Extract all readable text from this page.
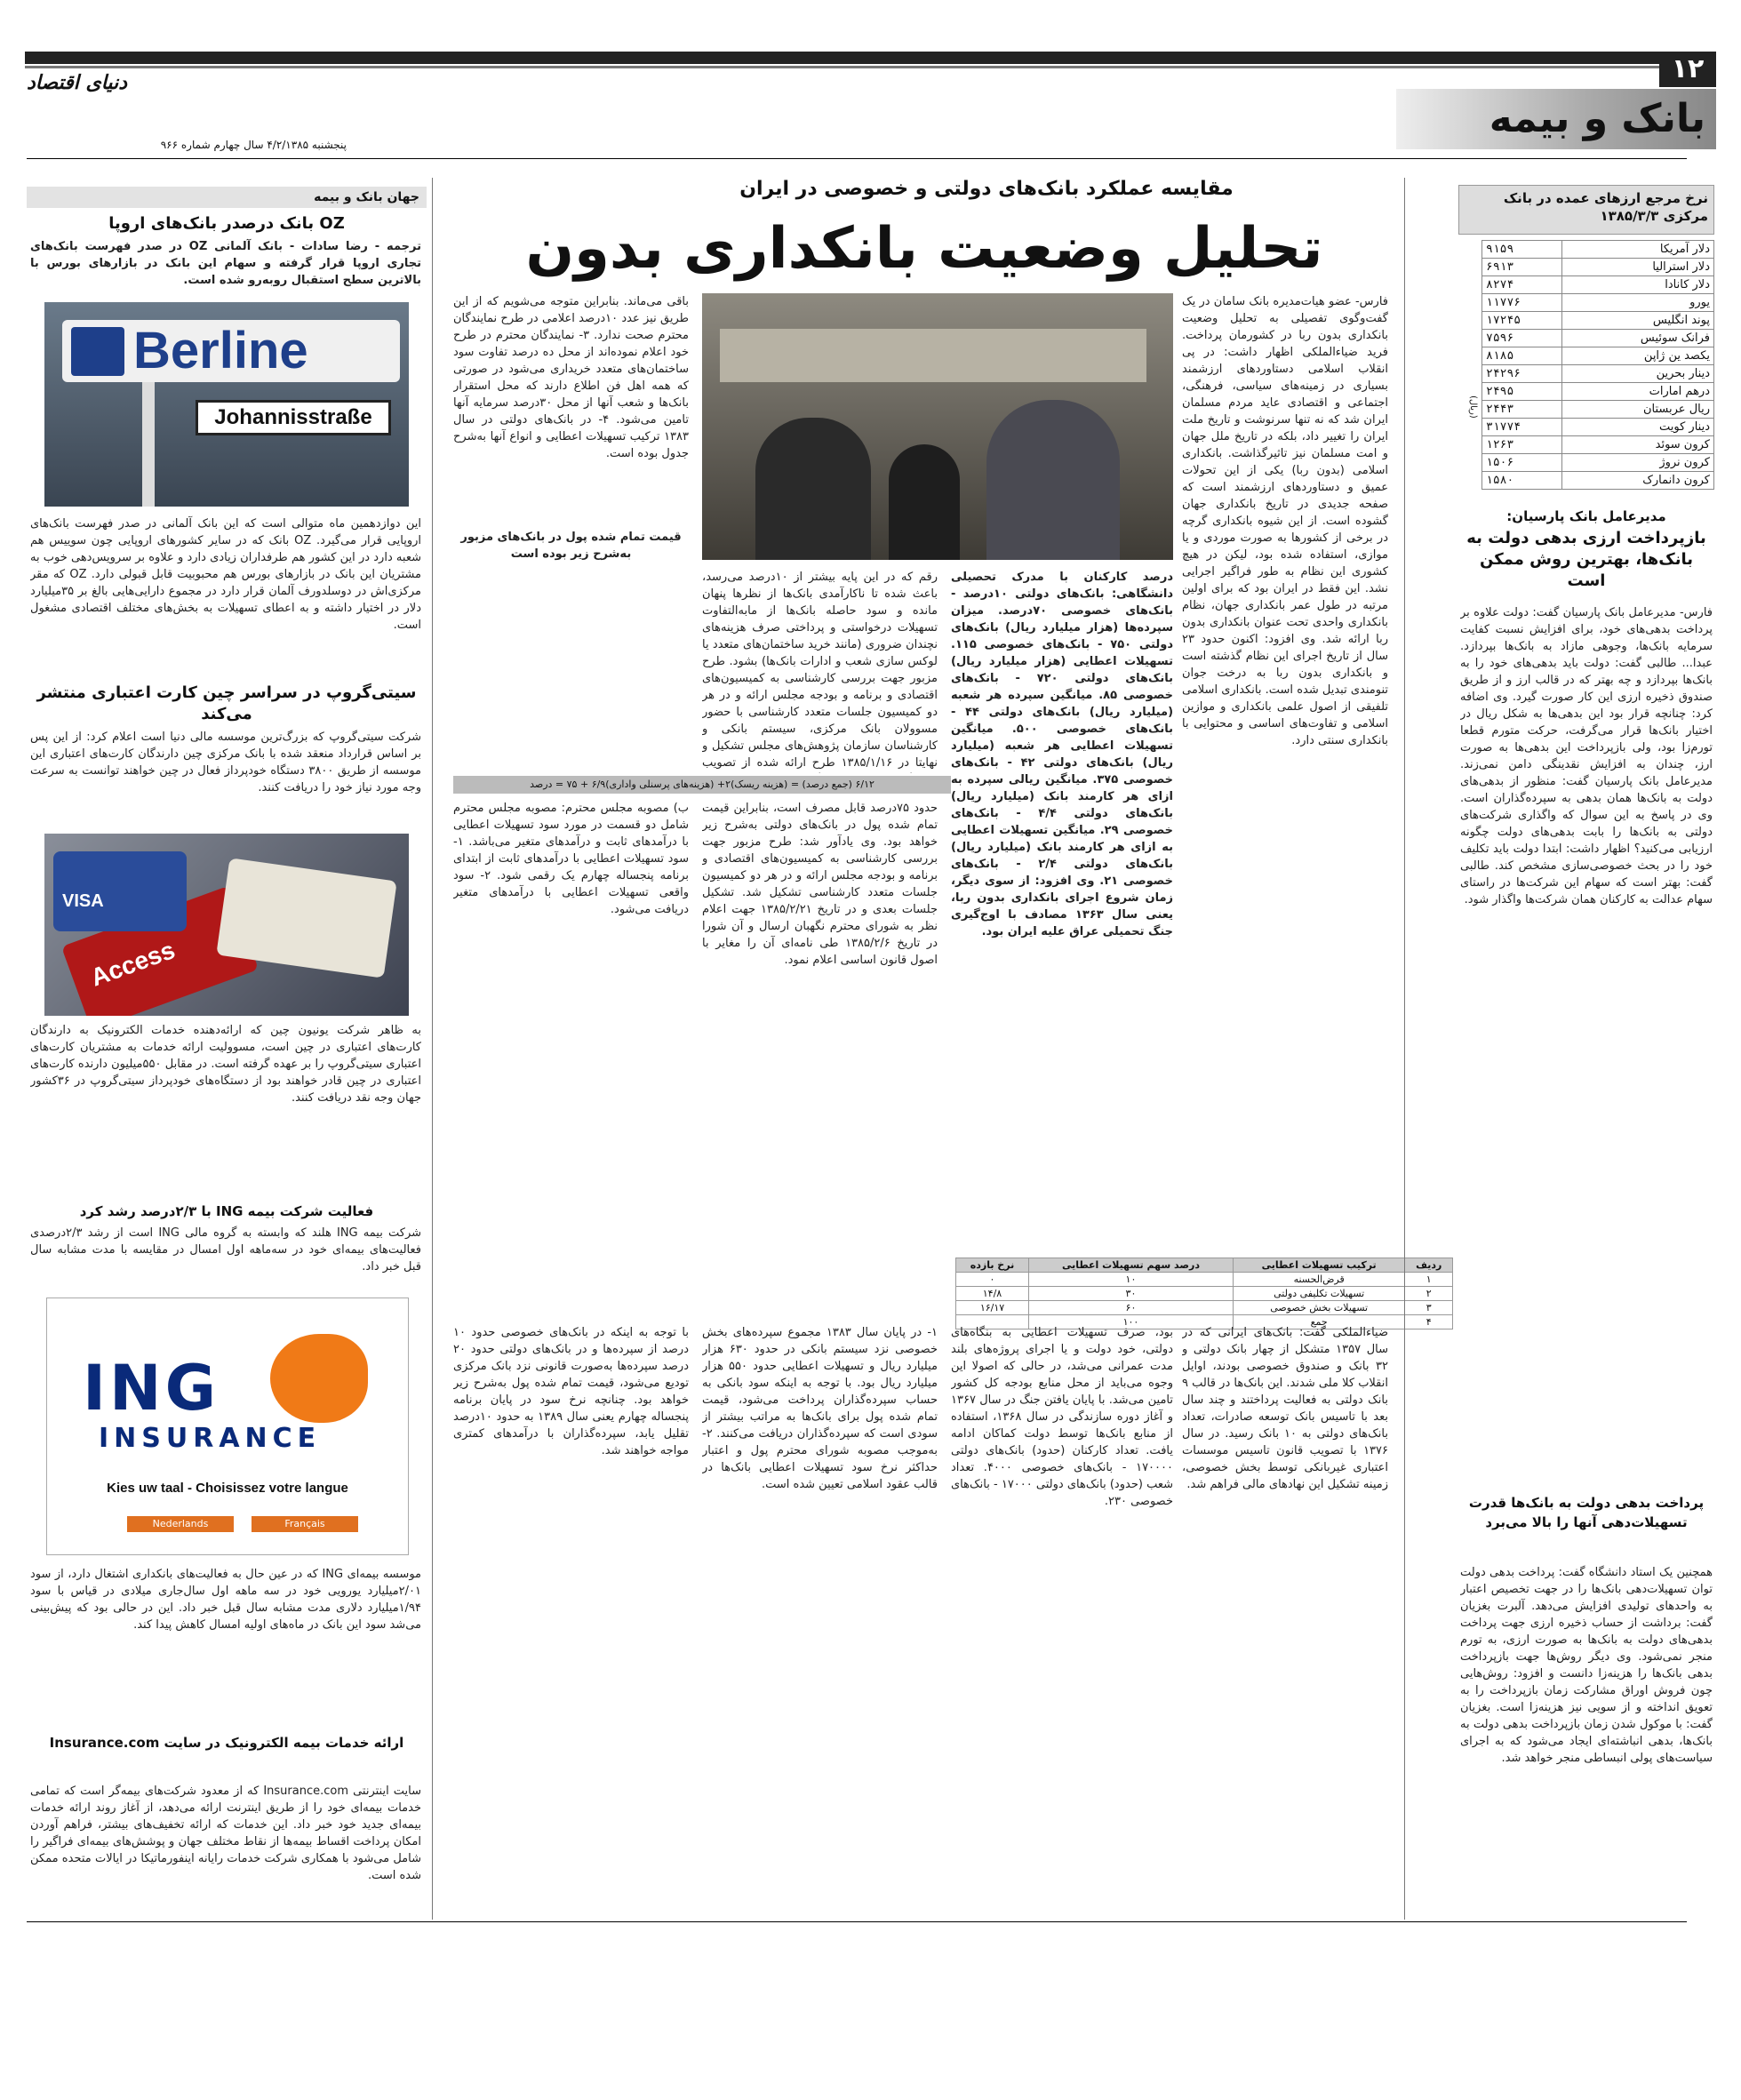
۱۲
دنیای اقتصاد
بانک و بیمه
پنجشنبه ۴/۲/۱۳۸۵ سال چهارم شماره ۹۶۶
جهان بانک و بیمه
OZ بانک درصدر بانک‌های اروپا
ترجمه - رضا سادات - بانک آلمانی OZ در صدر فهرست بانک‌های تجاری اروپا قرار گرفته و سهام این بانک در بازارهای بورس با بالاترین سطح استقبال روبه‌رو شده است.
Berline
Johannisstraße
این دوازدهمین ماه متوالی است که این بانک آلمانی در صدر فهرست بانک‌های اروپایی قرار می‌گیرد. OZ بانک که در سایر کشورهای اروپایی چون سوییس هم شعبه دارد در این کشور هم طرفداران زیادی دارد و علاوه بر سرویس‌دهی خوب به مشتریان این بانک در بازارهای بورس هم محبوبیت قابل قبولی دارد. OZ که مقر مرکزی‌اش در دوسلدورف آلمان قرار دارد در مجموع دارایی‌هایی بالغ بر ۳۵میلیارد دلار در اختیار داشته و به اعطای تسهیلات به بخش‌های مختلف اقتصادی مشغول است.
سیتی‌گروپ در سراسر چین کارت اعتباری منتشر می‌کند
شرکت سیتی‌گروپ که بزرگ‌ترین موسسه مالی دنیا است اعلام کرد: از این پس بر اساس قرارداد منعقد شده با بانک مرکزی چین دارندگان کارت‌های اعتباری این موسسه از طریق ۳۸۰۰ دستگاه خودپرداز فعال در چین خواهند توانست به سرعت وجه مورد نیاز خود را دریافت کنند.
Access
VISA
به ظاهر شرکت یونیون چین که ارائه‌دهنده خدمات الکترونیک به دارندگان کارت‌های اعتباری در چین است، مسوولیت ارائه خدمات به مشتریان کارت‌های اعتباری سیتی‌گروپ را بر عهده گرفته است. در مقابل ۵۵۰میلیون دارنده کارت‌های اعتباری در چین قادر خواهند بود از دستگاه‌های خودپرداز سیتی‌گروپ در ۳۶کشور جهان وجه نقد دریافت کنند.
فعالیت شرکت بیمه ING با ۲/۳درصد رشد کرد
شرکت بیمه ING هلند که وابسته به گروه مالی ING است از رشد ۲/۳درصدی فعالیت‌های بیمه‌ای خود در سه‌ماهه اول امسال در مقایسه با مدت مشابه سال قبل خبر داد.
ING
INSURANCE
Kies uw taal - Choisissez votre langue
Nederlands	Français
موسسه بیمه‌ای ING که در عین حال به فعالیت‌های بانکداری اشتغال دارد، از سود ۲/۰۱میلیارد یورویی خود در سه ماهه اول سال‌جاری میلادی در قیاس با سود ۱/۹۴میلیارد دلاری مدت مشابه سال قبل خبر داد. این در حالی بود که پیش‌بینی می‌شد سود این بانک در ماه‌های اولیه امسال کاهش پیدا کند.
ارائه خدمات بیمه الکترونیک در سایت Insurance.com
سایت اینترنتی Insurance.com که از معدود شرکت‌های بیمه‌گر است که تمامی خدمات بیمه‌ای خود را از طریق اینترنت ارائه می‌دهد، از آغاز روند ارائه خدمات بیمه‌ای جدید خود خبر داد. این خدمات که ارائه تخفیف‌های بیشتر، فراهم آوردن امکان پرداخت اقساط بیمه‌ها از نقاط مختلف جهان و پوشش‌های بیمه‌ای فراگیر را شامل می‌شود با همکاری شرکت خدمات رایانه اینفورماتیکا در ایالات متحده ممکن شده است.
مقایسه عملکرد بانک‌های دولتی و خصوصی در ایران
تحلیل وضعیت بانکداری بدون
فارس- عضو هیات‌مدیره بانک سامان در یک گفت‌وگوی تفصیلی به تحلیل وضعیت بانکداری بدون ربا در کشورمان پرداخت. فرید ضیاءالملکی اظهار داشت: در پی انقلاب اسلامی دستاوردهای ارزشمند بسیاری در زمینه‌های سیاسی، فرهنگی، اجتماعی و اقتصادی عاید مردم مسلمان ایران شد که نه تنها سرنوشت و تاریخ ملت ایران را تغییر داد، بلکه در تاریخ ملل جهان و امت مسلمان نیز تاثیرگذاشت. بانکداری اسلامی (بدون ربا) یکی از این تحولات عمیق و دستاوردهای ارزشمند است که صفحه جدیدی در تاریخ بانکداری جهان گشوده است. از این شیوه بانکداری گرچه در برخی از کشورها به صورت موردی و یا موازی، استفاده شده بود، لیکن در هیچ کشوری این نظام به طور فراگیر اجرایی نشد. این فقط در ایران بود که برای اولین مرتبه در طول عمر بانکداری جهان، نظام بانکداری واحدی تحت عنوان بانکداری بدون ربا ارائه شد. وی افزود: اکنون حدود ۲۳ سال از تاریخ اجرای این نظام گذشته است و بانکداری بدون ربا به درخت جوان تنومندی تبدیل شده است. بانکداری اسلامی تلفیقی از اصول علمی بانکداری و موازین اسلامی و تفاوت‌های اساسی و محتوایی با بانکداری سنتی دارد.
درصد کارکنان با مدرک تحصیلی دانشگاهی: بانک‌های دولتی ۱۰درصد - بانک‌های خصوصی ۷۰درصد. میزان سپرده‌ها (هزار میلیارد ریال) بانک‌های دولتی ۷۵۰ - بانک‌های خصوصی ۱۱۵. تسهیلات اعطایی (هزار میلیارد ریال) بانک‌های دولتی ۷۲۰ - بانک‌های خصوصی ۸۵. میانگین سپرده هر شعبه (میلیارد ریال) بانک‌های دولتی ۴۴ - بانک‌های خصوصی ۵۰۰. میانگین تسهیلات اعطایی هر شعبه (میلیارد ریال) بانک‌های دولتی ۴۲ - بانک‌های خصوصی ۳۷۵. میانگین ریالی سپرده به ازای هر کارمند بانک (میلیارد ریال) بانک‌های دولتی ۴/۴ - بانک‌های خصوصی ۲۹. میانگین تسهیلات اعطایی به ازای هر کارمند بانک (میلیارد ریال) بانک‌های دولتی ۲/۴ - بانک‌های خصوصی ۲۱. وی افزود: از سوی دیگر، زمان شروع اجرای بانکداری بدون ربا، یعنی سال ۱۳۶۳ مصادف با اوج‌گیری جنگ تحمیلی عراق علیه ایران بود.
رقم که در این پایه بیشتر از ۱۰درصد می‌رسد، باعث شده تا ناکارآمدی بانک‌ها از نظرها پنهان مانده و سود حاصله بانک‌ها از مابه‌التفاوت تسهیلات درخواستی و پرداختی صرف هزینه‌های نچندان ضروری (مانند خرید ساختمان‌های متعدد یا لوکس سازی شعب و ادارات بانک‌ها) بشود. طرح مزبور جهت بررسی کارشناسی به کمیسیون‌های اقتصادی و برنامه و بودجه مجلس ارائه و در هر دو کمیسیون جلسات متعدد کارشناسی با حضور مسوولان بانک مرکزی، سیستم بانکی و کارشناسان سازمان پژوهش‌های مجلس تشکیل و نهایتا در ۱۳۸۵/۱/۱۶ طرح ارائه شده از تصویب
باقی می‌ماند. بنابراین متوجه می‌شویم که از این طریق نیز عدد ۱۰درصد اعلامی در طرح نمایندگان محترم صحت ندارد. ۳- نمایندگان محترم در طرح خود اعلام نموده‌اند از محل ده درصد تفاوت سود ساختمان‌های متعدد خریداری می‌شود در صورتی که همه اهل فن اطلاع دارند که محل استقرار بانک‌ها و شعب آنها از محل ۳۰درصد سرمایه آنها تامین می‌شود. ۴- در بانک‌های دولتی در سال ۱۳۸۳ ترکیب تسهیلات اعطایی و انواع آنها به‌شرح جدول بوده است.
قیمت تمام شده پول در بانک‌های مزبور به‌شرح زیر بوده است
۶/۱۲ (جمع درصد) = (هزینه ریسک)۲+ (هزینه‌های پرسنلی واداری)۶/۹ + ۷۵ = درصد
حدود ۷۵درصد قابل مصرف است، بنابراین قیمت تمام شده پول در بانک‌های دولتی به‌شرح زیر خواهد بود. وی یادآور شد: طرح مزبور جهت بررسی کارشناسی به کمیسیون‌های اقتصادی و برنامه و بودجه مجلس ارائه و در هر دو کمیسیون جلسات متعدد کارشناسی تشکیل شد. تشکیل جلسات بعدی و در تاریخ ۱۳۸۵/۲/۲۱ جهت اعلام نظر به شورای محترم نگهبان ارسال و آن شورا در تاریخ ۱۳۸۵/۲/۶ طی نامه‌ای آن را مغایر با اصول قانون اساسی اعلام نمود.
ب) مصوبه مجلس محترم: مصوبه مجلس محترم شامل دو قسمت در مورد سود تسهیلات اعطایی با درآمدهای ثابت و درآمدهای متغیر می‌باشد. ۱- سود تسهیلات اعطایی با درآمدهای ثابت از ابتدای برنامه پنجساله چهارم یک رقمی شود. ۲- سود واقعی تسهیلات اعطایی با درآمدهای متغیر دریافت می‌شود.
ردیف	ترکیب تسهیلات اعطایی	درصد سهم تسهیلات اعطایی	نرخ بازده
۱	قرض‌الحسنه	۱۰	۰
۲	تسهیلات تکلیفی دولتی	۳۰	۱۴/۸
۳	تسهیلات بخش خصوصی	۶۰	۱۶/۱۷
۴	جمع	۱۰۰	
ضیاءالملکی گفت: بانک‌های ایرانی که در سال ۱۳۵۷ متشکل از چهار بانک دولتی و ۳۲ بانک و صندوق خصوصی بودند، اوایل انقلاب کلا ملی شدند. این بانک‌ها در قالب ۹ بانک دولتی به فعالیت پرداختند و چند سال بعد با تاسیس بانک توسعه صادرات، تعداد بانک‌های دولتی به ۱۰ بانک رسید. در سال ۱۳۷۶ با تصویب قانون تاسیس موسسات اعتباری غیربانکی توسط بخش خصوصی، زمینه تشکیل این نهادهای مالی فراهم شد.
بود، صرف تسهیلات اعطایی به بنگاه‌های دولتی، خود دولت و یا اجرای پروژه‌های بلند مدت عمرانی می‌شد، در حالی که اصولا این وجوه می‌باید از محل منابع بودجه کل کشور تامین می‌شد. با پایان یافتن جنگ در سال ۱۳۶۷ و آغاز دوره سازندگی در سال ۱۳۶۸، استفاده از منابع بانک‌ها توسط دولت کماکان ادامه یافت. تعداد کارکنان (حدود) بانک‌های دولتی ۱۷۰۰۰۰ - بانک‌های خصوصی ۴۰۰۰. تعداد شعب (حدود) بانک‌های دولتی ۱۷۰۰۰ - بانک‌های خصوصی ۲۳۰.
۱- در پایان سال ۱۳۸۳ مجموع سپرده‌های بخش خصوصی نزد سیستم بانکی در حدود ۶۳۰ هزار میلیارد ریال و تسهیلات اعطایی حدود ۵۵۰ هزار میلیارد ریال بود. با توجه به اینکه سود بانکی به حساب سپرده‌گذاران پرداخت می‌شود، قیمت تمام شده پول برای بانک‌ها به مراتب بیشتر از سودی است که سپرده‌گذاران دریافت می‌کنند. ۲- به‌موجب مصوبه شورای محترم پول و اعتبار حداکثر نرخ سود تسهیلات اعطایی بانک‌ها در قالب عقود اسلامی تعیین شده است.
با توجه به اینکه در بانک‌های خصوصی حدود ۱۰ درصد از سپرده‌ها و در بانک‌های دولتی حدود ۲۰ درصد سپرده‌ها به‌صورت قانونی نزد بانک مرکزی تودیع می‌شود، قیمت تمام شده پول به‌شرح زیر خواهد بود. چنانچه نرخ سود در پایان برنامه پنجساله چهارم یعنی سال ۱۳۸۹ به حدود ۱۰درصد تقلیل یابد، سپرده‌گذاران با درآمدهای کمتری مواجه خواهند شد.
نرخ مرجع ارزهای عمده در بانک مرکزی ۱۳۸۵/۳/۳
(ریال)
دلار آمریکا	۹۱۵۹
دلار استرالیا	۶۹۱۳
دلار کانادا	۸۲۷۴
یورو	۱۱۷۷۶
پوند انگلیس	۱۷۲۴۵
فرانک سوئیس	۷۵۹۶
یکصد ین ژاپن	۸۱۸۵
دینار بحرین	۲۴۲۹۶
درهم امارات	۲۴۹۵
ریال عربستان	۲۴۴۳
دینار کویت	۳۱۷۷۴
کرون سوئد	۱۲۶۳
کرون نروژ	۱۵۰۶
کرون دانمارک	۱۵۸۰
مدیرعامل بانک پارسیان:
بازپرداخت ارزی بدهی دولت به بانک‌ها، بهترین روش ممکن است
فارس- مدیرعامل بانک پارسیان گفت: دولت علاوه بر پرداخت بدهی‌های خود، برای افزایش نسبت کفایت سرمایه بانک‌ها، وجوهی مازاد به بانک‌ها بپردازد. عبدا... طالبی گفت: دولت باید بدهی‌های خود را به بانک‌ها بپردازد و چه بهتر که در قالب ارز و از طریق صندوق ذخیره ارزی این کار صورت گیرد. وی اضافه کرد: چنانچه قرار بود این بدهی‌ها به شکل ریال در اختیار بانک‌ها قرار می‌گرفت، حرکت متورم قطعا تورم‌زا بود، ولی بازپرداخت این بدهی‌ها به صورت ارز، چندان به افزایش نقدینگی دامن نمی‌زند. مدیرعامل بانک پارسیان گفت: منظور از بدهی‌های دولت به بانک‌ها همان بدهی به سپرده‌گذاران است. وی در پاسخ به این سوال که واگذاری شرکت‌های دولتی به بانک‌ها را بابت بدهی‌های دولت چگونه ارزیابی می‌کنید؟ اظهار داشت: ابتدا دولت باید تکلیف خود را در بحث خصوصی‌سازی مشخص کند. طالبی گفت: بهتر است که سهام این شرکت‌ها در راستای سهام عدالت به کارکنان همان شرکت‌ها واگذار شود.
پرداخت بدهی دولت به بانک‌ها قدرت تسهیلات‌دهی آنها را بالا می‌برد
همچنین یک استاد دانشگاه گفت: پرداخت بدهی دولت توان تسهیلات‌دهی بانک‌ها را در جهت تخصیص اعتبار به واحدهای تولیدی افزایش می‌دهد. آلبرت بغزیان گفت: برداشت از حساب ذخیره ارزی جهت پرداخت بدهی‌های دولت به بانک‌ها به صورت ارزی، به تورم منجر نمی‌شود. وی دیگر روش‌ها جهت بازپرداخت بدهی بانک‌ها را هزینه‌زا دانست و افزود: روش‌هایی چون فروش اوراق مشارکت زمان بازپرداخت را به تعویق انداخته و از سویی نیز هزینه‌زا است. بغزیان گفت: با موکول شدن زمان بازپرداخت بدهی دولت به بانک‌ها، بدهی انباشته‌ای ایجاد می‌شود که به اجرای سیاست‌های پولی انبساطی منجر خواهد شد.
